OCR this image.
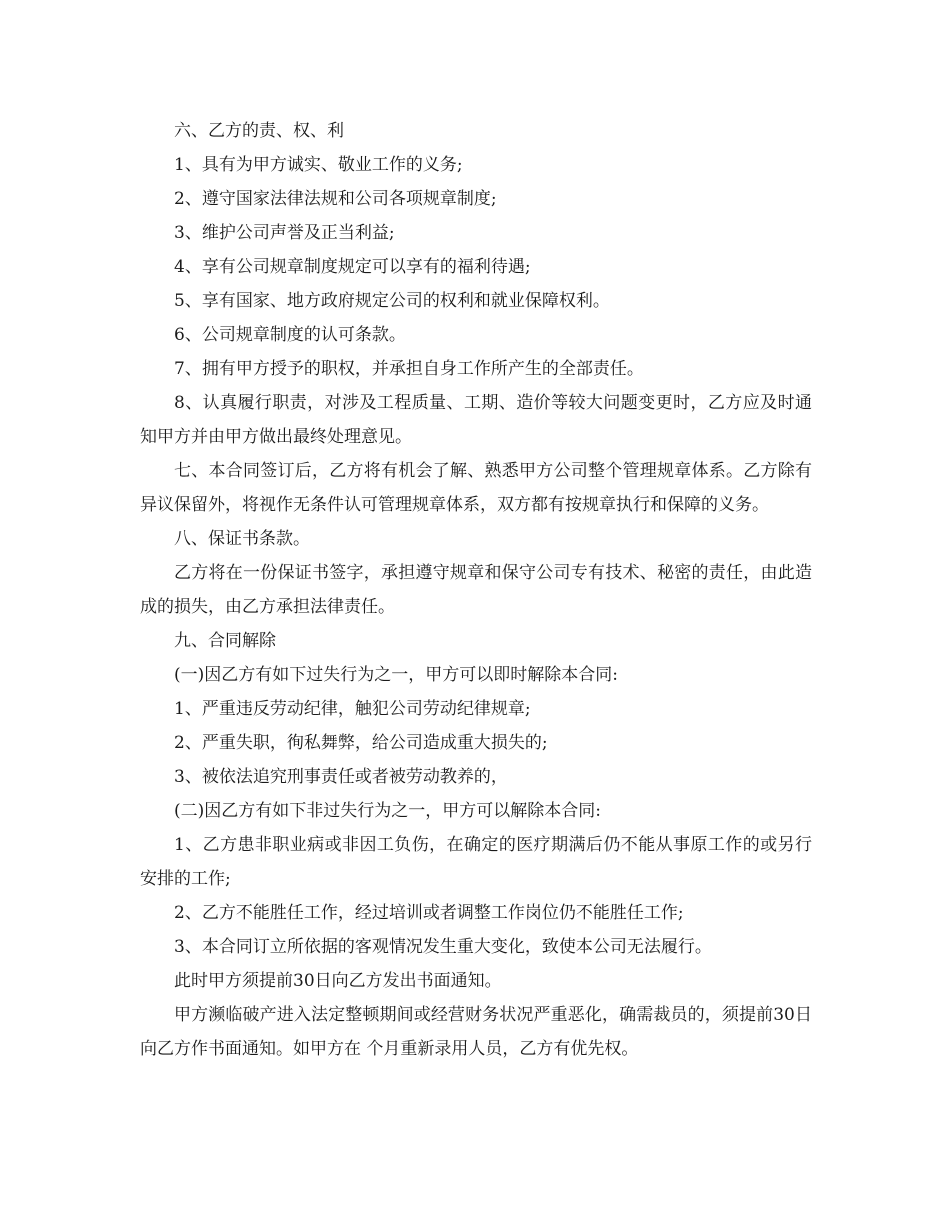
六、乙方的责、权、利

1、具有为甲方诚实、敬业工作的义务;

2、遵守国家法律法规和公司各项规章制度;

3、维护公司声誉及正当利益;

4、享有公司规章制度规定可以享有的福利待遇;

5、享有国家、地方政府规定公司的权利和就业保障权利。

6、公司规章制度的认可条款。

7、拥有甲方授予的职权，并承担自身工作所产生的全部责任。

8、认真履行职责，对涉及工程质量、工期、造价等较大问题变更时，乙方应及时通知甲方并由甲方做出最终处理意见。

七、本合同签订后，乙方将有机会了解、熟悉甲方公司整个管理规章体系。乙方除有异议保留外，将视作无条件认可管理规章体系，双方都有按规章执行和保障的义务。

八、保证书条款。

乙方将在一份保证书签字，承担遵守规章和保守公司专有技术、秘密的责任，由此造成的损失，由乙方承担法律责任。

九、合同解除

(一)因乙方有如下过失行为之一，甲方可以即时解除本合同:

1、严重违反劳动纪律，触犯公司劳动纪律规章;

2、严重失职，徇私舞弊，给公司造成重大损失的;

3、被依法追究刑事责任或者被劳动教养的，

(二)因乙方有如下非过失行为之一，甲方可以解除本合同:

1、乙方患非职业病或非因工负伤，在确定的医疗期满后仍不能从事原工作的或另行安排的工作;

2、乙方不能胜任工作，经过培训或者调整工作岗位仍不能胜任工作;

3、本合同订立所依据的客观情况发生重大变化，致使本公司无法履行。

此时甲方须提前30日向乙方发出书面通知。

甲方濒临破产进入法定整顿期间或经营财务状况严重恶化，确需裁员的，须提前30日向乙方作书面通知。如甲方在 个月重新录用人员，乙方有优先权。
